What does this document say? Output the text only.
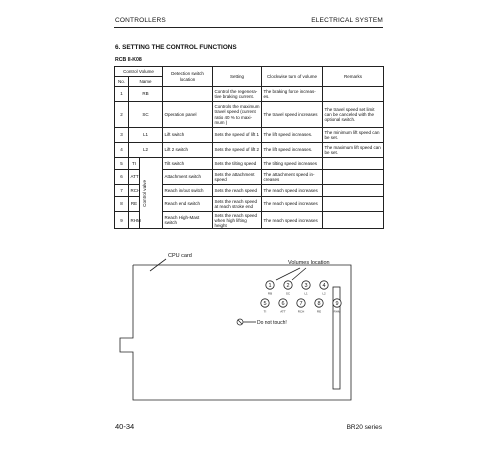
CONTROLLERS	ELECTRICAL SYSTEM
6. SETTING THE CONTROL FUNCTIONS
RCB II-K08
Control Volume			Detection switch location	Setting	Clockwise turn of volume	Remarks
No.	Name					
1	RB			Control the regenera-tive braking current.	The braking force increas-es.	
2	SC		Operation panel	Controls the maximum travel speed (current ratio 40 % to maxi-mum )	The travel speed increases	The travel speed set limit can be canceled with the optional switch.
3	L1		Lift switch	Sets the speed of lift 1	The lift speed increases.	The minimum lift speed can be set.
4	L2		Lift 2 switch	Sets the speed of lift 2	The lift speed increases.	The maximum lift speed can be set.
5	TI	Control valve	Tilt switch	Sets the tilting speed	The tilting speed increases	
6	ATT		Attachment switch	Sets the attachment speed	The attachment speed in-creases	
7	RCH		Reach in/out switch	Sets the reach speed	The reach speed increases	
8	RE		Reach end switch	Sets the reach speed at reach stroke end	The reach speed increases	
9	RHM		Reach High-Mast switch	Sets the reach speed when high lifting height	The reach speed increases	
CPU card
Volumes location
1
RB
2
SC
3
L1
4
L2
5
TI
6
ATT
7
RCH
8
RE
9
RHM
Do not touch!
40-34	BR20 series
